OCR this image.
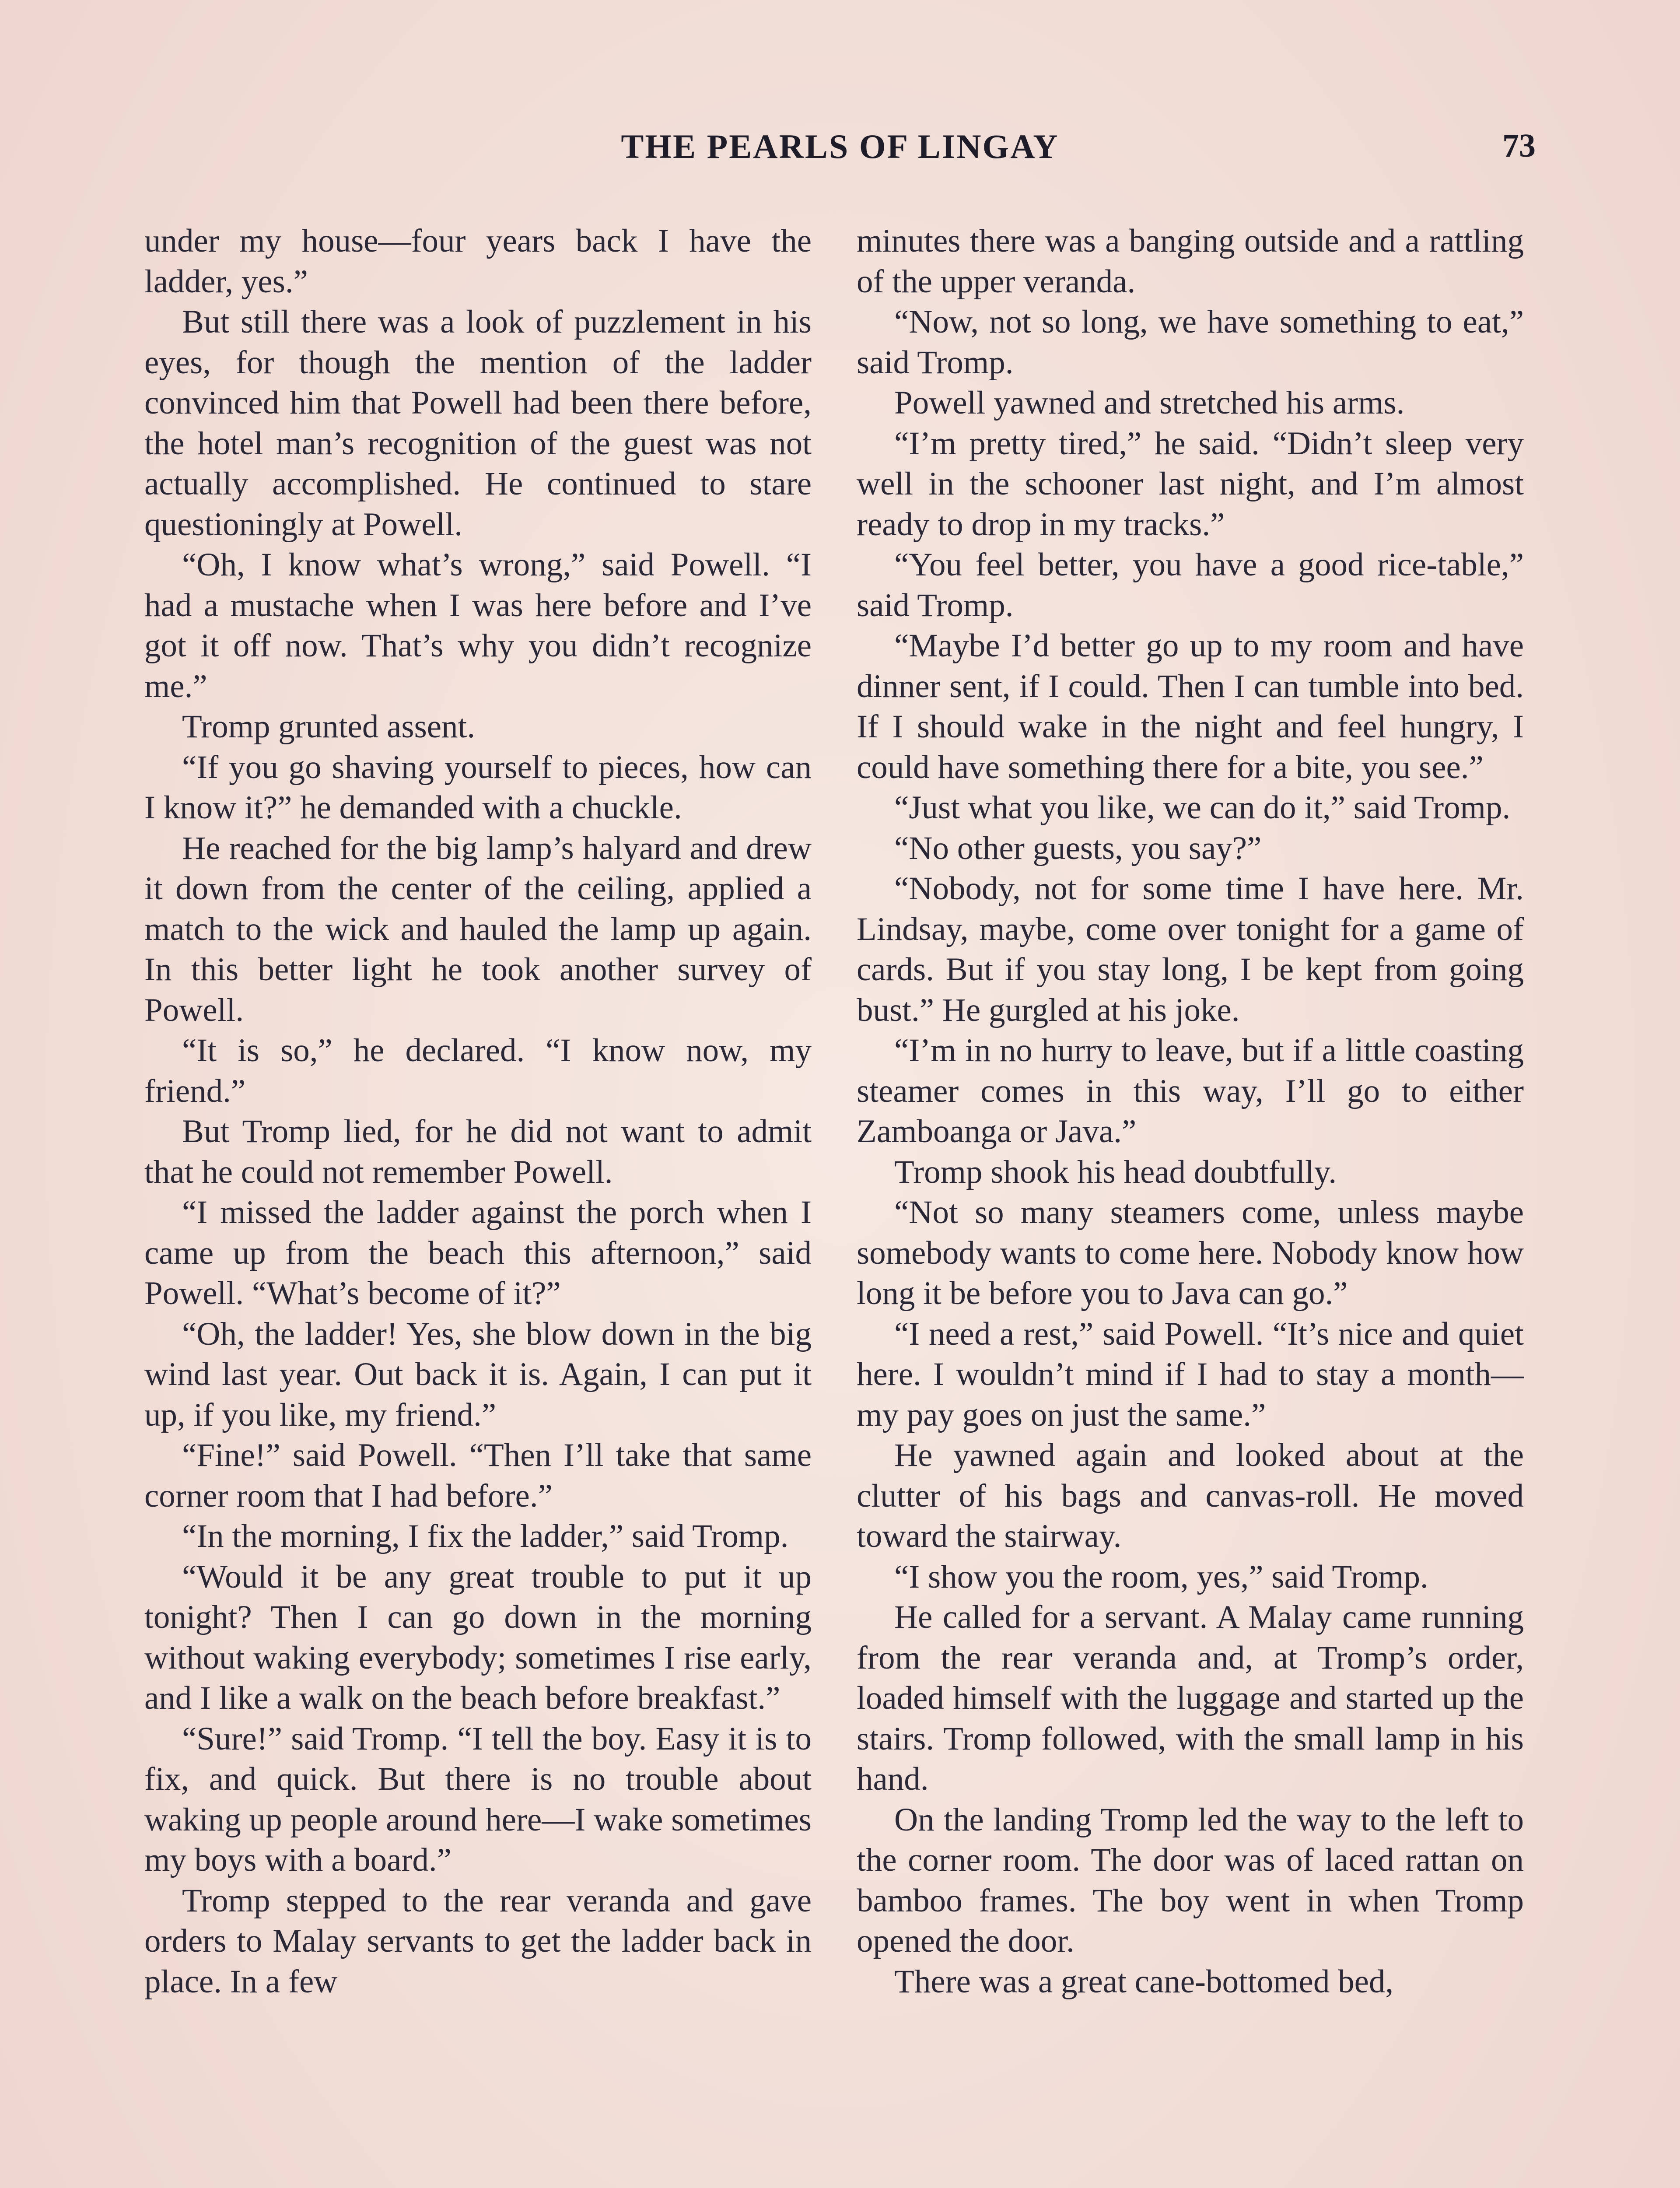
THE PEARLS OF LINGAY	73

under my house—four years back I have the ladder, yes.”

But still there was a look of puzzlement in his eyes, for though the mention of the ladder convinced him that Powell had been there before, the hotel man’s recognition of the guest was not actually accomplished. He continued to stare questioningly at Powell.

“Oh, I know what’s wrong,” said Powell. “I had a mustache when I was here before and I’ve got it off now. That’s why you didn’t recognize me.”

Tromp grunted assent.

“If you go shaving yourself to pieces, how can I know it?” he demanded with a chuckle.

He reached for the big lamp’s halyard and drew it down from the center of the ceiling, applied a match to the wick and hauled the lamp up again. In this better light he took another survey of Powell.

“It is so,” he declared. “I know now, my friend.”

But Tromp lied, for he did not want to admit that he could not remember Powell.

“I missed the ladder against the porch when I came up from the beach this afternoon,” said Powell. “What’s become of it?”

“Oh, the ladder! Yes, she blow down in the big wind last year. Out back it is. Again, I can put it up, if you like, my friend.”

“Fine!” said Powell. “Then I’ll take that same corner room that I had before.”

“In the morning, I fix the ladder,” said Tromp.

“Would it be any great trouble to put it up tonight? Then I can go down in the morning without waking everybody; sometimes I rise early, and I like a walk on the beach before breakfast.”

“Sure!” said Tromp. “I tell the boy. Easy it is to fix, and quick. But there is no trouble about waking up people around here—I wake sometimes my boys with a board.”

Tromp stepped to the rear veranda and gave orders to Malay servants to get the ladder back in place. In a few

minutes there was a banging outside and a rattling of the upper veranda.

“Now, not so long, we have something to eat,” said Tromp.

Powell yawned and stretched his arms.

“I’m pretty tired,” he said. “Didn’t sleep very well in the schooner last night, and I’m almost ready to drop in my tracks.”

“You feel better, you have a good rice-table,” said Tromp.

“Maybe I’d better go up to my room and have dinner sent, if I could. Then I can tumble into bed. If I should wake in the night and feel hungry, I could have something there for a bite, you see.”

“Just what you like, we can do it,” said Tromp.

“No other guests, you say?”

“Nobody, not for some time I have here. Mr. Lindsay, maybe, come over tonight for a game of cards. But if you stay long, I be kept from going bust.” He gurgled at his joke.

“I’m in no hurry to leave, but if a little coasting steamer comes in this way, I’ll go to either Zamboanga or Java.”

Tromp shook his head doubtfully.

“Not so many steamers come, unless maybe somebody wants to come here. Nobody know how long it be before you to Java can go.”

“I need a rest,” said Powell. “It’s nice and quiet here. I wouldn’t mind if I had to stay a month—my pay goes on just the same.”

He yawned again and looked about at the clutter of his bags and canvas-roll. He moved toward the stairway.

“I show you the room, yes,” said Tromp.

He called for a servant. A Malay came running from the rear veranda and, at Tromp’s order, loaded himself with the luggage and started up the stairs. Tromp followed, with the small lamp in his hand.

On the landing Tromp led the way to the left to the corner room. The door was of laced rattan on bamboo frames. The boy went in when Tromp opened the door.

There was a great cane-bottomed bed,
